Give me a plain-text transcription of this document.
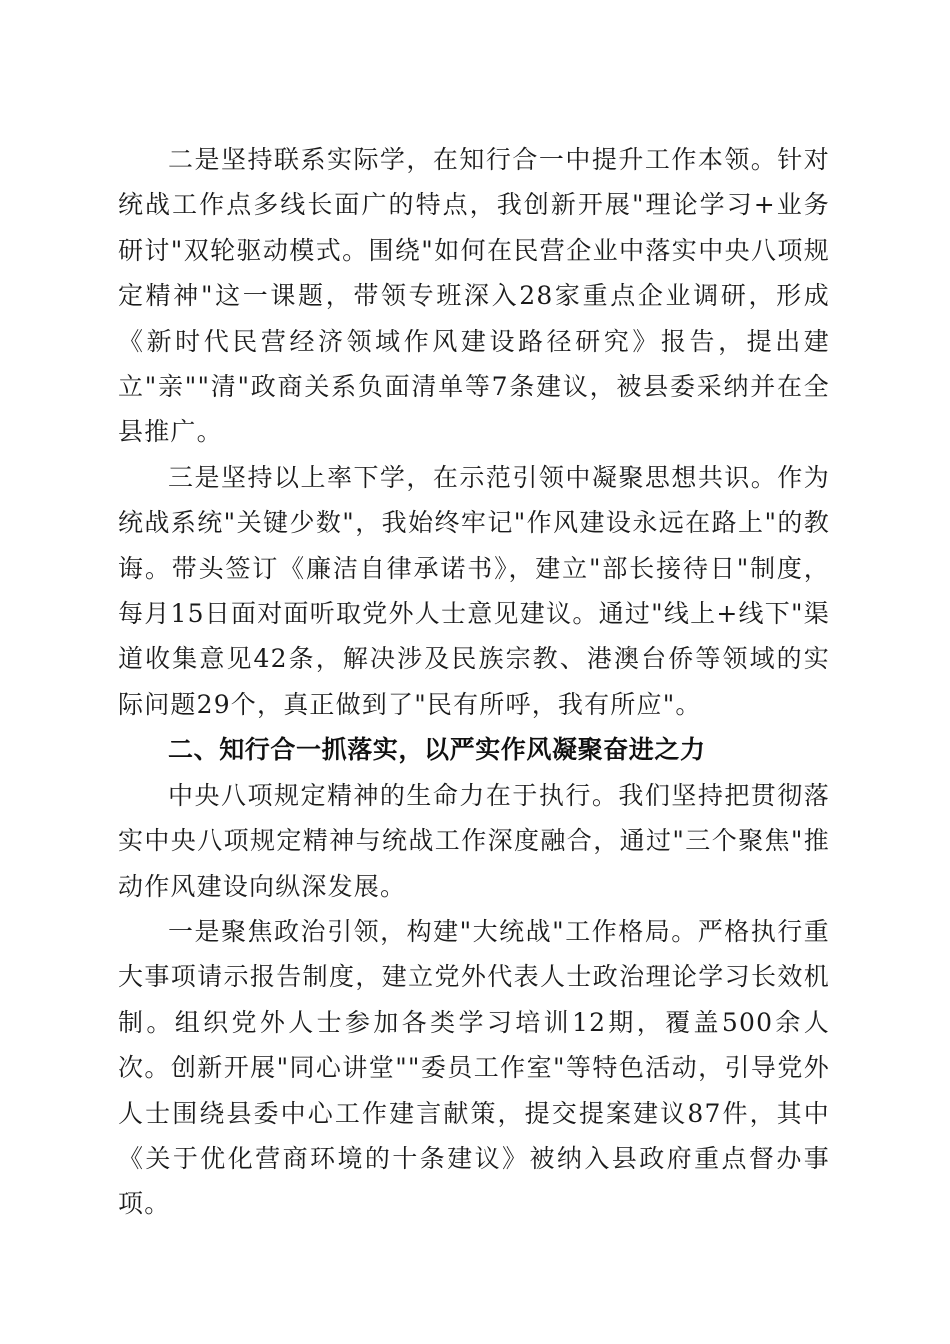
二是坚持联系实际学，在知行合一中提升工作本领。针对统战工作点多线长面广的特点，我创新开展"理论学习+业务研讨"双轮驱动模式。围绕"如何在民营企业中落实中央八项规定精神"这一课题，带领专班深入28家重点企业调研，形成《新时代民营经济领域作风建设路径研究》报告，提出建立"亲""清"政商关系负面清单等7条建议，被县委采纳并在全县推广。

三是坚持以上率下学，在示范引领中凝聚思想共识。作为统战系统"关键少数"，我始终牢记"作风建设永远在路上"的教诲。带头签订《廉洁自律承诺书》，建立"部长接待日"制度，每月15日面对面听取党外人士意见建议。通过"线上+线下"渠道收集意见42条，解决涉及民族宗教、港澳台侨等领域的实际问题29个，真正做到了"民有所呼，我有所应"。

二、知行合一抓落实，以严实作风凝聚奋进之力

中央八项规定精神的生命力在于执行。我们坚持把贯彻落实中央八项规定精神与统战工作深度融合，通过"三个聚焦"推动作风建设向纵深发展。

一是聚焦政治引领，构建"大统战"工作格局。严格执行重大事项请示报告制度，建立党外代表人士政治理论学习长效机制。组织党外人士参加各类学习培训12期，覆盖500余人次。创新开展"同心讲堂""委员工作室"等特色活动，引导党外人士围绕县委中心工作建言献策，提交提案建议87件，其中《关于优化营商环境的十条建议》被纳入县政府重点督办事项。
